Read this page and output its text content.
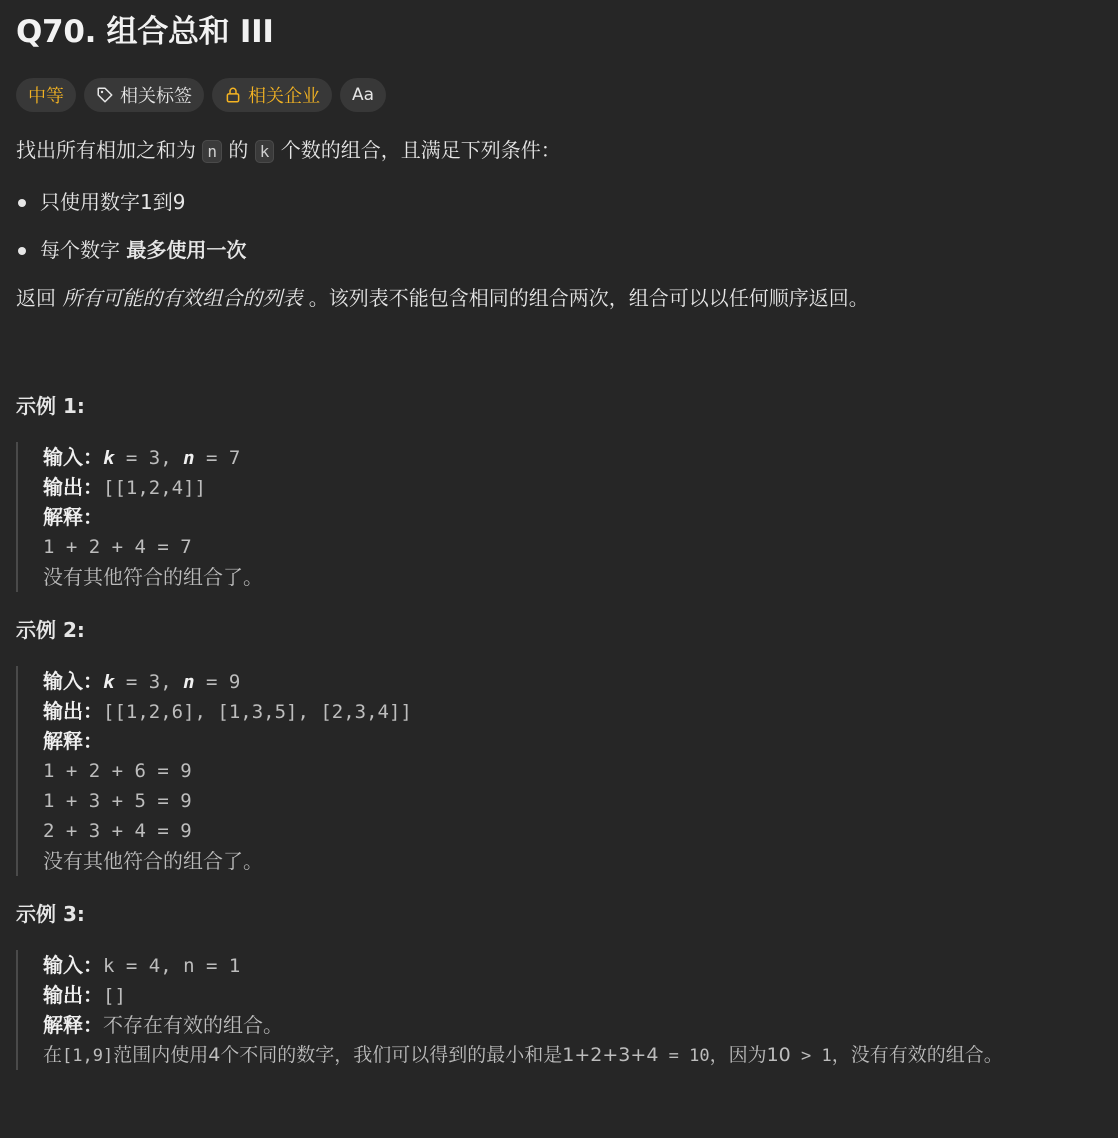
Q70. 组合总和 III
中等	相关标签	相关企业 Aa
找出所有相加之和为 n 的 k 个数的组合，且满足下列条件：
只使用数字1到9
每个数字 最多使用一次
返回 所有可能的有效组合的列表 。该列表不能包含相同的组合两次，组合可以以任何顺序返回。
示例 1:
输入：k = 3, n = 7
输出：[[1,2,4]]
解释：
1 + 2 + 4 = 7
没有其他符合的组合了。
示例 2:
输入：k = 3, n = 9
输出：[[1,2,6], [1,3,5], [2,3,4]]
解释：
1 + 2 + 6 = 9
1 + 3 + 5 = 9
2 + 3 + 4 = 9
没有其他符合的组合了。
示例 3:
输入：k = 4, n = 1
输出：[]
解释：不存在有效的组合。
在[1,9]范围内使用4个不同的数字，我们可以得到的最小和是1+2+3+4 = 10，因为10 > 1，没有有效的组合。
